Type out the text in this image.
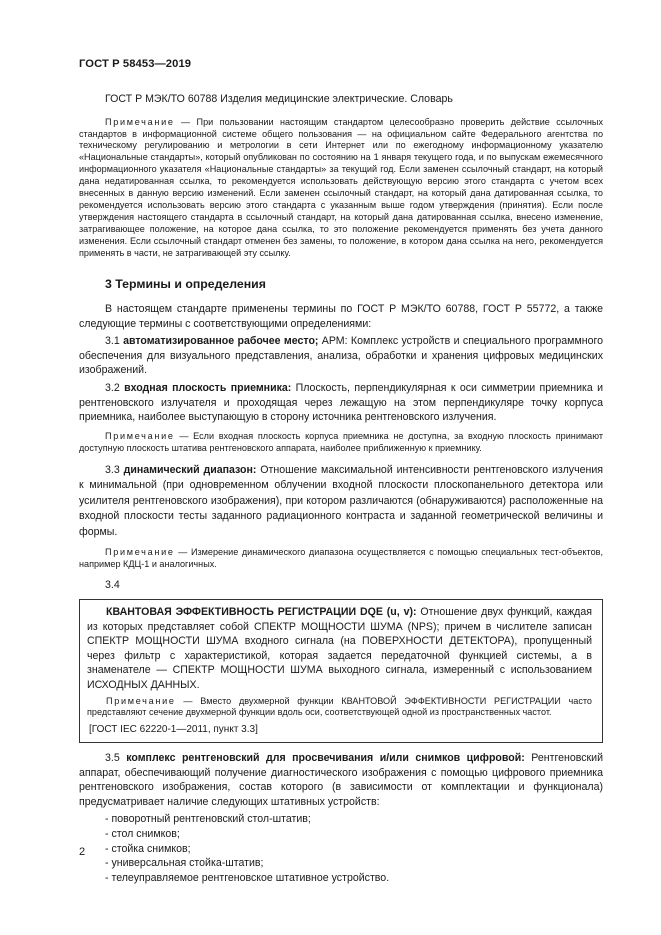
ГОСТ Р 58453—2019

ГОСТ Р МЭК/ТО 60788 Изделия медицинские электрические. Словарь

Примечание — При пользовании настоящим стандартом целесообразно проверить действие ссылочных стандартов в информационной системе общего пользования — на официальном сайте Федерального агентства по техническому регулированию и метрологии в сети Интернет или по ежегодному информационному указателю «Национальные стандарты», который опубликован по состоянию на 1 января текущего года, и по выпускам ежемесячного информационного указателя «Национальные стандарты» за текущий год. Если заменен ссылочный стандарт, на который дана недатированная ссылка, то рекомендуется использовать действующую версию этого стандарта с учетом всех внесенных в данную версию изменений. Если заменен ссылочный стандарт, на который дана датированная ссылка, то рекомендуется использовать версию этого стандарта с указанным выше годом утверждения (принятия). Если после утверждения настоящего стандарта в ссылочный стандарт, на который дана датированная ссылка, внесено изменение, затрагивающее положение, на которое дана ссылка, то это положение рекомендуется применять без учета данного изменения. Если ссылочный стандарт отменен без замены, то положение, в котором дана ссылка на него, рекомендуется применять в части, не затрагивающей эту ссылку.

3 Термины и определения

В настоящем стандарте применены термины по ГОСТ Р МЭК/ТО 60788, ГОСТ Р 55772, а также следующие термины с соответствующими определениями:

3.1 автоматизированное рабочее место; АРМ: Комплекс устройств и специального программного обеспечения для визуального представления, анализа, обработки и хранения цифровых медицинских изображений.

3.2 входная плоскость приемника: Плоскость, перпендикулярная к оси симметрии приемника и рентгеновского излучателя и проходящая через лежащую на этом перпендикуляре точку корпуса приемника, наиболее выступающую в сторону источника рентгеновского излучения.

Примечание — Если входная плоскость корпуса приемника не доступна, за входную плоскость принимают доступную плоскость штатива рентгеновского аппарата, наиболее приближенную к приемнику.

3.3 динамический диапазон: Отношение максимальной интенсивности рентгеновского излучения к минимальной (при одновременном облучении входной плоскости плоскопанельного детектора или усилителя рентгеновского изображения), при котором различаются (обнаруживаются) расположенные на входной плоскости тесты заданного радиационного контраста и заданной геометрической величины и формы.

Примечание — Измерение динамического диапазона осуществляется с помощью специальных тест-объектов, например КДЦ-1 и аналогичных.

3.4

КВАНТОВАЯ ЭФФЕКТИВНОСТЬ РЕГИСТРАЦИИ DQE (u, v): Отношение двух функций, каждая из которых представляет собой СПЕКТР МОЩНОСТИ ШУМА (NPS); причем в числителе записан СПЕКТР МОЩНОСТИ ШУМА входного сигнала (на ПОВЕРХНОСТИ ДЕТЕКТОРА), пропущенный через фильтр с характеристикой, которая задается передаточной функцией системы, а в знаменателе — СПЕКТР МОЩНОСТИ ШУМА выходного сигнала, измеренный с использованием ИСХОДНЫХ ДАННЫХ.

Примечание — Вместо двухмерной функции КВАНТОВОЙ ЭФФЕКТИВНОСТИ РЕГИСТРАЦИИ часто представляют сечение двухмерной функции вдоль оси, соответствующей одной из пространственных частот.

[ГОСТ IEC 62220-1—2011, пункт 3.3]

3.5 комплекс рентгеновский для просвечивания и/или снимков цифровой: Рентгеновский аппарат, обеспечивающий получение диагностического изображения с помощью цифрового приемника рентгеновского изображения, состав которого (в зависимости от комплектации и функционала) предусматривает наличие следующих штативных устройств:

- поворотный рентгеновский стол-штатив;
- стол снимков;
- стойка снимков;
- универсальная стойка-штатив;
- телеуправляемое рентгеновское штативное устройство.
2
